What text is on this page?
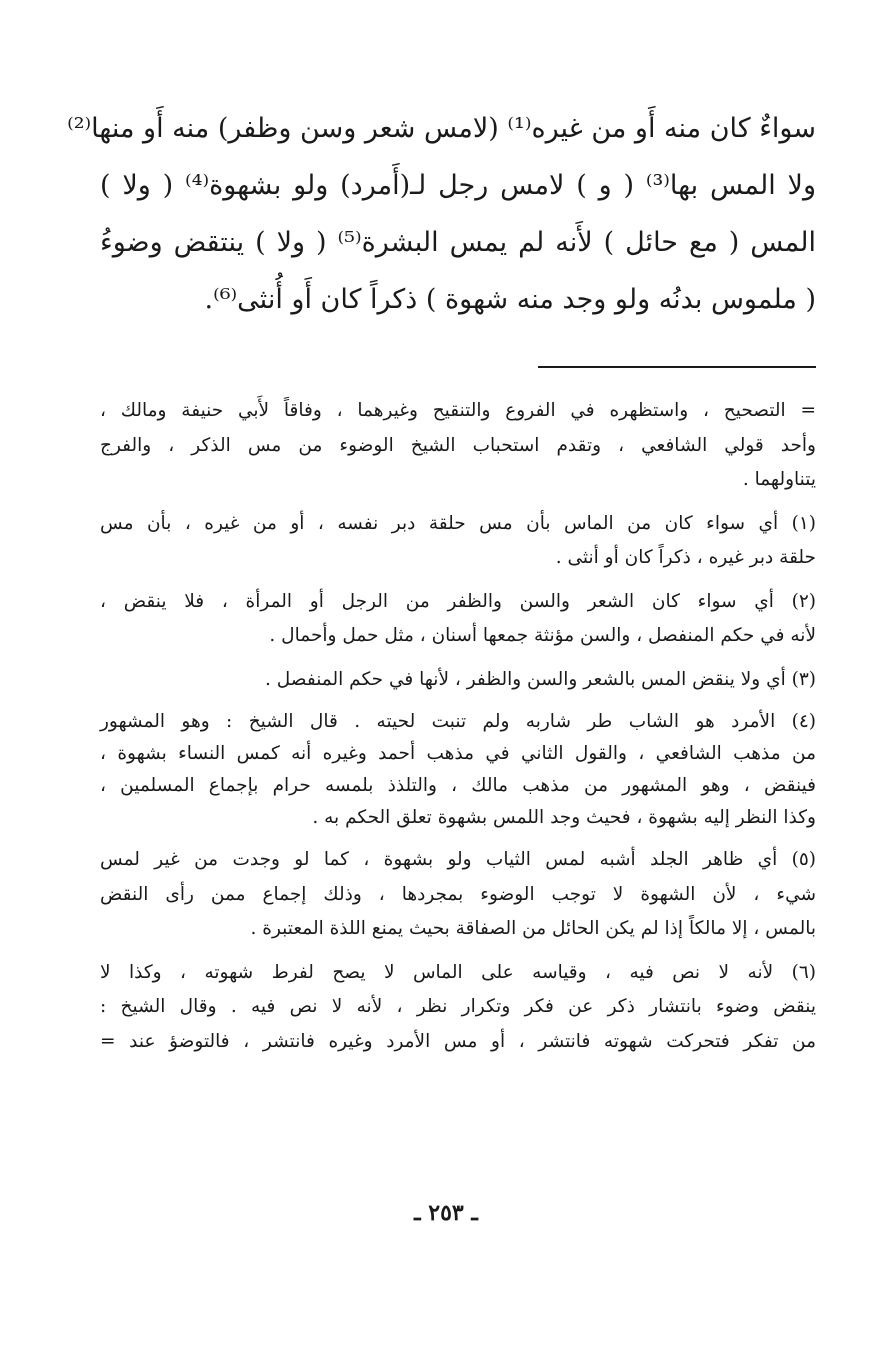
سواءٌ كان منه أَو من غيره⁽¹⁾ (لامس شعر وسن وظفر) منه أَو منها⁽²⁾
ولا المس بها⁽³⁾ ( و ) لامس رجل لـ(أَمرد) ولو بشهوة⁽⁴⁾ ( ولا )
المس ( مع حائل ) لأَنه لم يمس البشرة⁽⁵⁾ ( ولا ) ينتقض وضوءُ
( ملموس بدنُه ولو وجد منه شهوة ) ذكراً كان أَو أُنثى⁽⁶⁾.
= التصحيح ، واستظهره في الفروع والتنقيح وغيرهما ، وفاقاً لأَبي حنيفة ومالك ،
وأحد قولي الشافعي ، وتقدم استحباب الشيخ الوضوء من مس الذكر ، والفرج
يتناولهما .
(١) أي سواء كان من الماس بأن مس حلقة دبر نفسه ، أو من غيره ، بأن مس
حلقة دبر غيره ، ذكراً كان أو أنثى .
(٢) أي سواء كان الشعر والسن والظفر من الرجل أو المرأة ، فلا ينقض ،
لأنه في حكم المنفصل ، والسن مؤنثة جمعها أسنان ، مثل حمل وأحمال .
(٣) أي ولا ينقض المس بالشعر والسن والظفر ، لأنها في حكم المنفصل .
(٤) الأمرد هو الشاب طر شاربه ولم تنبت لحيته . قال الشيخ : وهو المشهور
من مذهب الشافعي ، والقول الثاني في مذهب أحمد وغيره أنه كمس النساء بشهوة ،
فينقض ، وهو المشهور من مذهب مالك ، والتلذذ بلمسه حرام بإجماع المسلمين ،
وكذا النظر إليه بشهوة ، فحيث وجد اللمس بشهوة تعلق الحكم به .
(٥) أي ظاهر الجلد أشبه لمس الثياب ولو بشهوة ، كما لو وجدت من غير لمس
شيء ، لأن الشهوة لا توجب الوضوء بمجردها ، وذلك إجماع ممن رأى النقض
بالمس ، إلا مالكاً إذا لم يكن الحائل من الصفاقة بحيث يمنع اللذة المعتبرة .
(٦) لأنه لا نص فيه ، وقياسه على الماس لا يصح لفرط شهوته ، وكذا لا
ينقض وضوء بانتشار ذكر عن فكر وتكرار نظر ، لأنه لا نص فيه . وقال الشيخ :
من تفكر فتحركت شهوته فانتشر ، أو مس الأمرد وغيره فانتشر ، فالتوضؤ عند =
ـ ٢٥٣ ـ
